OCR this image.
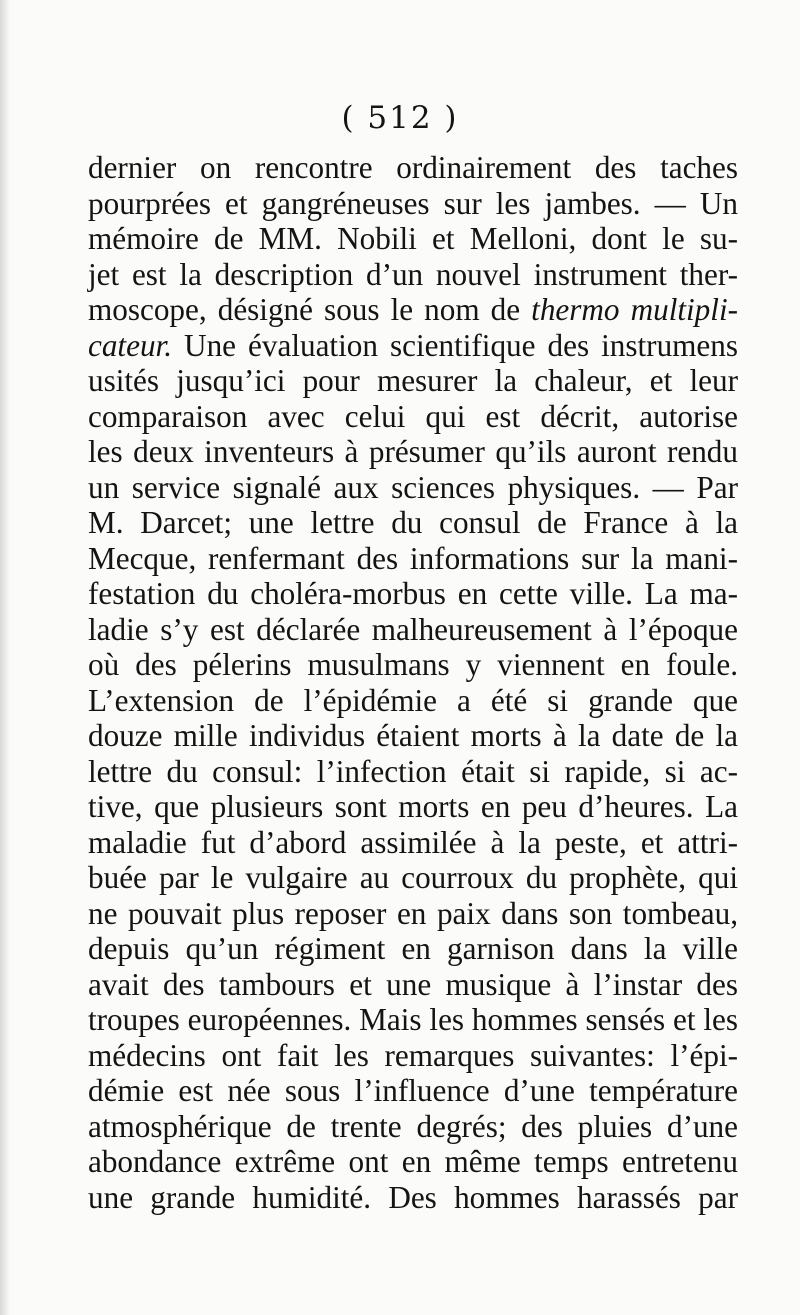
( 512 )
dernier on rencontre ordinairement des taches
pourprées et gangréneuses sur les jambes. — Un
mémoire de MM. Nobili et Melloni, dont le su-
jet est la description d’un nouvel instrument ther-
moscope, désigné sous le nom de thermo multipli-
cateur. Une évaluation scientifique des instrumens
usités jusqu’ici pour mesurer la chaleur, et leur
comparaison avec celui qui est décrit, autorise
les deux inventeurs à présumer qu’ils auront rendu
un service signalé aux sciences physiques. — Par
M. Darcet; une lettre du consul de France à la
Mecque, renfermant des informations sur la mani-
festation du choléra-morbus en cette ville. La ma-
ladie s’y est déclarée malheureusement à l’époque
où des pélerins musulmans y viennent en foule.
L’extension de l’épidémie a été si grande que
douze mille individus étaient morts à la date de la
lettre du consul: l’infection était si rapide, si ac-
tive, que plusieurs sont morts en peu d’heures. La
maladie fut d’abord assimilée à la peste, et attri-
buée par le vulgaire au courroux du prophète, qui
ne pouvait plus reposer en paix dans son tombeau,
depuis qu’un régiment en garnison dans la ville
avait des tambours et une musique à l’instar des
troupes européennes. Mais les hommes sensés et les
médecins ont fait les remarques suivantes: l’épi-
démie est née sous l’influence d’une température
atmosphérique de trente degrés; des pluies d’une
abondance extrême ont en même temps entretenu
une grande humidité. Des hommes harassés par
